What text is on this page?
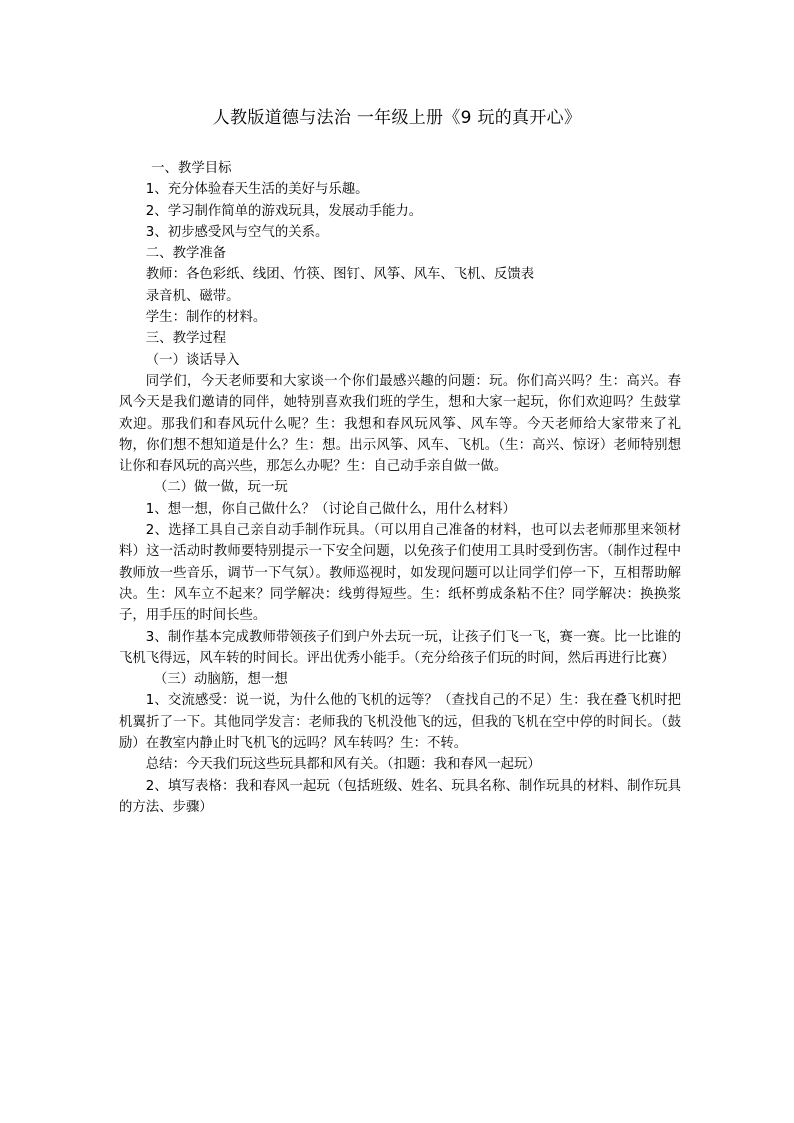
人教版道德与法治 一年级上册《9 玩的真开心》

一、教学目标

1、充分体验春天生活的美好与乐趣。

2、学习制作简单的游戏玩具，发展动手能力。

3、初步感受风与空气的关系。

二、教学准备

教师：各色彩纸、线团、竹筷、图钉、风筝、风车、飞机、反馈表

录音机、磁带。

学生：制作的材料。

三、教学过程

（一）谈话导入

同学们，今天老师要和大家谈一个你们最感兴趣的问题：玩。你们高兴吗？生：高兴。春风今天是我们邀请的同伴，她特别喜欢我们班的学生，想和大家一起玩，你们欢迎吗？生鼓掌欢迎。那我们和春风玩什么呢？生：我想和春风玩风筝、风车等。今天老师给大家带来了礼物，你们想不想知道是什么？生：想。出示风筝、风车、飞机。（生：高兴、惊讶）老师特别想让你和春风玩的高兴些，那怎么办呢？生：自己动手亲自做一做。

（二）做一做，玩一玩

1、想一想，你自己做什么？（讨论自己做什么，用什么材料）

2、选择工具自己亲自动手制作玩具。（可以用自己准备的材料，也可以去老师那里来领材料）这一活动时教师要特别提示一下安全问题，以免孩子们使用工具时受到伤害。（制作过程中教师放一些音乐，调节一下气氛）。教师巡视时，如发现问题可以让同学们停一下，互相帮助解决。生：风车立不起来？同学解决：线剪得短些。生：纸杯剪成条粘不住？同学解决：换换浆子，用手压的时间长些。

3、制作基本完成教师带领孩子们到户外去玩一玩，让孩子们飞一飞，赛一赛。比一比谁的飞机飞得远，风车转的时间长。评出优秀小能手。（充分给孩子们玩的时间，然后再进行比赛）

（三）动脑筋，想一想

1、交流感受：说一说，为什么他的飞机的远等？（查找自己的不足）生：我在叠飞机时把机翼折了一下。其他同学发言：老师我的飞机没他飞的远，但我的飞机在空中停的时间长。（鼓励）在教室内静止时飞机飞的远吗？风车转吗？生：不转。

总结：今天我们玩这些玩具都和风有关。（扣题：我和春风一起玩）

2、填写表格：我和春风一起玩（包括班级、姓名、玩具名称、制作玩具的材料、制作玩具的方法、步骤）
